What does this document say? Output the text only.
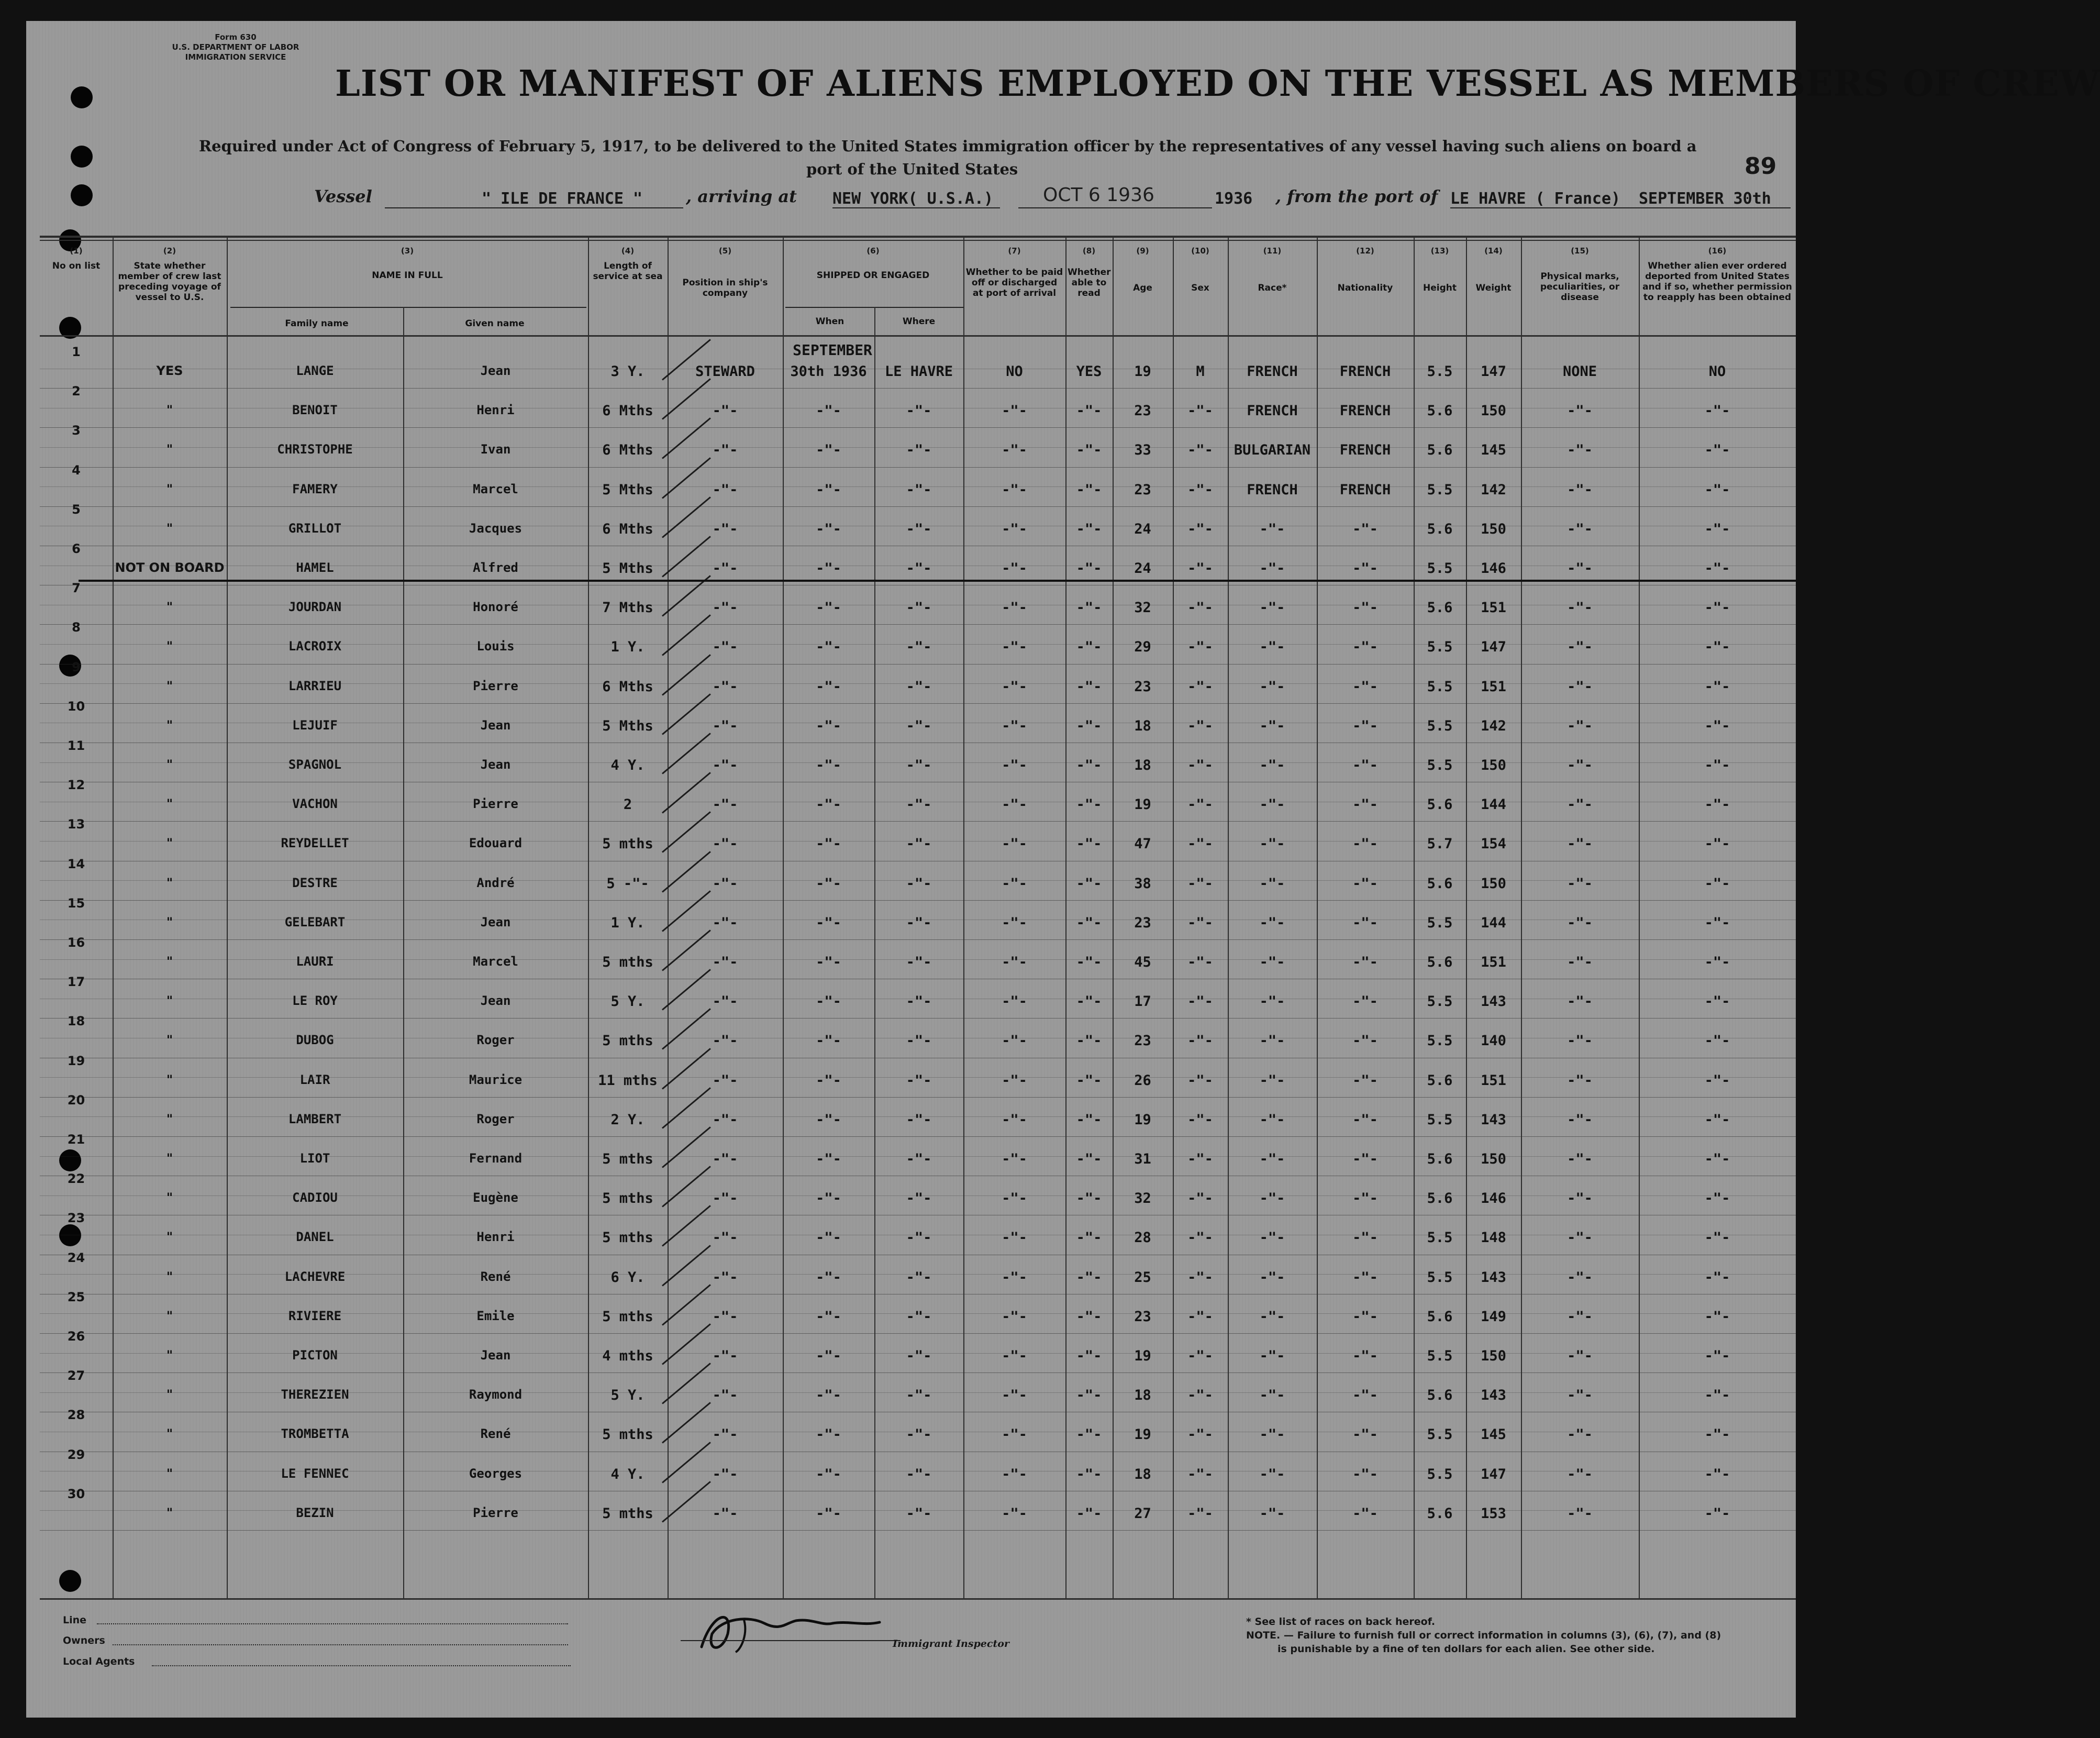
Form 630
U.S. DEPARTMENT OF LABOR
IMMIGRATION SERVICE
LIST OR MANIFEST OF ALIENS EMPLOYED ON THE VESSEL AS MEMBERS OF CREW
Required under Act of Congress of February 5, 1917, to be delivered to the United States immigration officer by the representatives of any vessel having such aliens on board a
port of the United States	89
Vessel	" ILE DE FRANCE "	, arriving at NEW YORK( U.S.A.)	OCT 6 1936	1936 , from the port of LE HAVRE ( France) SEPTEMBER 30th
(1)
No on list
(2)
State whether member of crew last preceding voyage of vessel to U.S.
(3)
NAME IN FULL
(4)
Length of service at sea
(5)
Position in ship's company
(6)
SHIPPED OR ENGAGED
(7)
Whether to be paid off or discharged at port of arrival
(8)
Whether able to read
(9)
Age
(10)
Sex
(11)
Race*
(12)
Nationality
(13)
Height
(14)
Weight
(15)
Physical marks, peculiarities, or disease
(16)
Whether alien ever ordered deported from United States and if so, whether permission to reapply has been obtained
Family name	Given name	When	Where
SEPTEMBER
1
YES	LANGE	Jean	3 Y.	STEWARD	30th 1936	LE HAVRE	NO	YES	19	M	FRENCH	FRENCH	5.5	147	NONE	NO
2
"	BENOIT	Henri	6 Mths	-"-	-"-	-"-	-"-	-"-	23	-"-	FRENCH	FRENCH	5.6	150	-"-	-"-
3
"	CHRISTOPHE	Ivan	6 Mths	-"-	-"-	-"-	-"-	-"-	33	-"-	BULGARIAN	FRENCH	5.6	145	-"-	-"-
4
"	FAMERY	Marcel	5 Mths	-"-	-"-	-"-	-"-	-"-	23	-"-	FRENCH	FRENCH	5.5	142	-"-	-"-
5
"	GRILLOT	Jacques	6 Mths	-"-	-"-	-"-	-"-	-"-	24	-"-	-"-	-"-	5.6	150	-"-	-"-
6
NOT ON BOARD	HAMEL	Alfred	5 Mths	-"-	-"-	-"-	-"-	-"-	24	-"-	-"-	-"-	5.5	146	-"-	-"-
7
"	JOURDAN	Honoré	7 Mths	-"-	-"-	-"-	-"-	-"-	32	-"-	-"-	-"-	5.6	151	-"-	-"-
8
"	LACROIX	Louis	1 Y.	-"-	-"-	-"-	-"-	-"-	29	-"-	-"-	-"-	5.5	147	-"-	-"-
9
"	LARRIEU	Pierre	6 Mths	-"-	-"-	-"-	-"-	-"-	23	-"-	-"-	-"-	5.5	151	-"-	-"-
10
"	LEJUIF	Jean	5 Mths	-"-	-"-	-"-	-"-	-"-	18	-"-	-"-	-"-	5.5	142	-"-	-"-
11
"	SPAGNOL	Jean	4 Y.	-"-	-"-	-"-	-"-	-"-	18	-"-	-"-	-"-	5.5	150	-"-	-"-
12
"	VACHON	Pierre	2	-"-	-"-	-"-	-"-	-"-	19	-"-	-"-	-"-	5.6	144	-"-	-"-
13
"	REYDELLET	Edouard	5 mths	-"-	-"-	-"-	-"-	-"-	47	-"-	-"-	-"-	5.7	154	-"-	-"-
14
"	DESTRE	André	5 -"-	-"-	-"-	-"-	-"-	-"-	38	-"-	-"-	-"-	5.6	150	-"-	-"-
15
"	GELEBART	Jean	1 Y.	-"-	-"-	-"-	-"-	-"-	23	-"-	-"-	-"-	5.5	144	-"-	-"-
16
"	LAURI	Marcel	5 mths	-"-	-"-	-"-	-"-	-"-	45	-"-	-"-	-"-	5.6	151	-"-	-"-
17
"	LE ROY	Jean	5 Y.	-"-	-"-	-"-	-"-	-"-	17	-"-	-"-	-"-	5.5	143	-"-	-"-
18
"	DUBOG	Roger	5 mths	-"-	-"-	-"-	-"-	-"-	23	-"-	-"-	-"-	5.5	140	-"-	-"-
19
"	LAIR	Maurice	11 mths	-"-	-"-	-"-	-"-	-"-	26	-"-	-"-	-"-	5.6	151	-"-	-"-
20
"	LAMBERT	Roger	2 Y.	-"-	-"-	-"-	-"-	-"-	19	-"-	-"-	-"-	5.5	143	-"-	-"-
21
"	LIOT	Fernand	5 mths	-"-	-"-	-"-	-"-	-"-	31	-"-	-"-	-"-	5.6	150	-"-	-"-
22
"	CADIOU	Eugène	5 mths	-"-	-"-	-"-	-"-	-"-	32	-"-	-"-	-"-	5.6	146	-"-	-"-
23
"	DANEL	Henri	5 mths	-"-	-"-	-"-	-"-	-"-	28	-"-	-"-	-"-	5.5	148	-"-	-"-
24
"	LACHEVRE	René	6 Y.	-"-	-"-	-"-	-"-	-"-	25	-"-	-"-	-"-	5.5	143	-"-	-"-
25
"	RIVIERE	Emile	5 mths	-"-	-"-	-"-	-"-	-"-	23	-"-	-"-	-"-	5.6	149	-"-	-"-
26
"	PICTON	Jean	4 mths	-"-	-"-	-"-	-"-	-"-	19	-"-	-"-	-"-	5.5	150	-"-	-"-
27
"	THEREZIEN	Raymond	5 Y.	-"-	-"-	-"-	-"-	-"-	18	-"-	-"-	-"-	5.6	143	-"-	-"-
28
"	TROMBETTA	René	5 mths	-"-	-"-	-"-	-"-	-"-	19	-"-	-"-	-"-	5.5	145	-"-	-"-
29
"	LE FENNEC	Georges	4 Y.	-"-	-"-	-"-	-"-	-"-	18	-"-	-"-	-"-	5.5	147	-"-	-"-
30
"	BEZIN	Pierre	5 mths	-"-	-"-	-"-	-"-	-"-	27	-"-	-"-	-"-	5.6	153	-"-	-"-
Line
Owners
Local Agents
Immigrant Inspector
* See list of races on back hereof.
NOTE. — Failure to furnish full or correct information in columns (3), (6), (7), and (8)
is punishable by a fine of ten dollars for each alien. See other side.
